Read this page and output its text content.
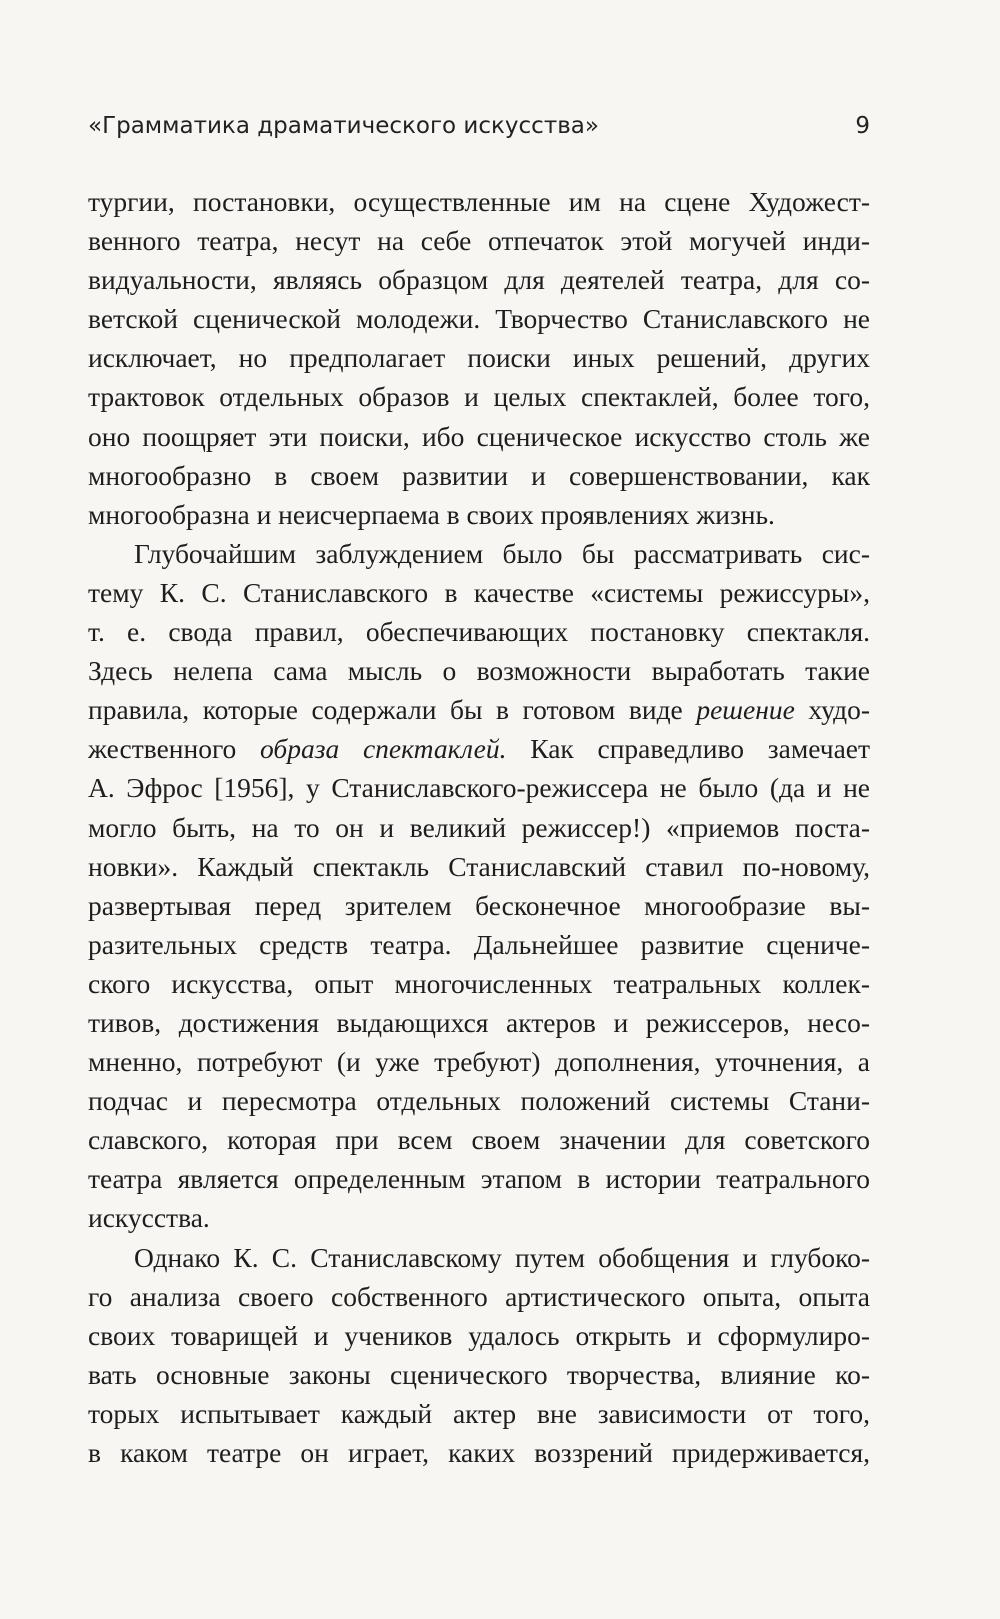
«Грамматика драматического искусства»	9
тургии, постановки, осуществленные им на сцене Художест-
венного театра, несут на себе отпечаток этой могучей инди-
видуальности, являясь образцом для деятелей театра, для со-
ветской сценической молодежи. Творчество Станиславского не
исключает, но предполагает поиски иных решений, других
трактовок отдельных образов и целых спектаклей, более того,
оно поощряет эти поиски, ибо сценическое искусство столь же
многообразно в своем развитии и совершенствовании, как
многообразна и неисчерпаема в своих проявлениях жизнь.
Глубочайшим заблуждением было бы рассматривать сис-
тему К. С. Станиславского в качестве «системы режиссуры»,
т. е. свода правил, обеспечивающих постановку спектакля.
Здесь нелепа сама мысль о возможности выработать такие
правила, которые содержали бы в готовом виде решение худо-
жественного образа спектаклей. Как справедливо замечает
А. Эфрос [1956], у Станиславского-режиссера не было (да и не
могло быть, на то он и великий режиссер!) «приемов поста-
новки». Каждый спектакль Станиславский ставил по-новому,
развертывая перед зрителем бесконечное многообразие вы-
разительных средств театра. Дальнейшее развитие сцениче-
ского искусства, опыт многочисленных театральных коллек-
тивов, достижения выдающихся актеров и режиссеров, несо-
мненно, потребуют (и уже требуют) дополнения, уточнения, а
подчас и пересмотра отдельных положений системы Стани-
славского, которая при всем своем значении для советского
театра является определенным этапом в истории театрального
искусства.
Однако К. С. Станиславскому путем обобщения и глубоко-
го анализа своего собственного артистического опыта, опыта
своих товарищей и учеников удалось открыть и сформулиро-
вать основные законы сценического творчества, влияние ко-
торых испытывает каждый актер вне зависимости от того,
в каком театре он играет, каких воззрений придерживается,
